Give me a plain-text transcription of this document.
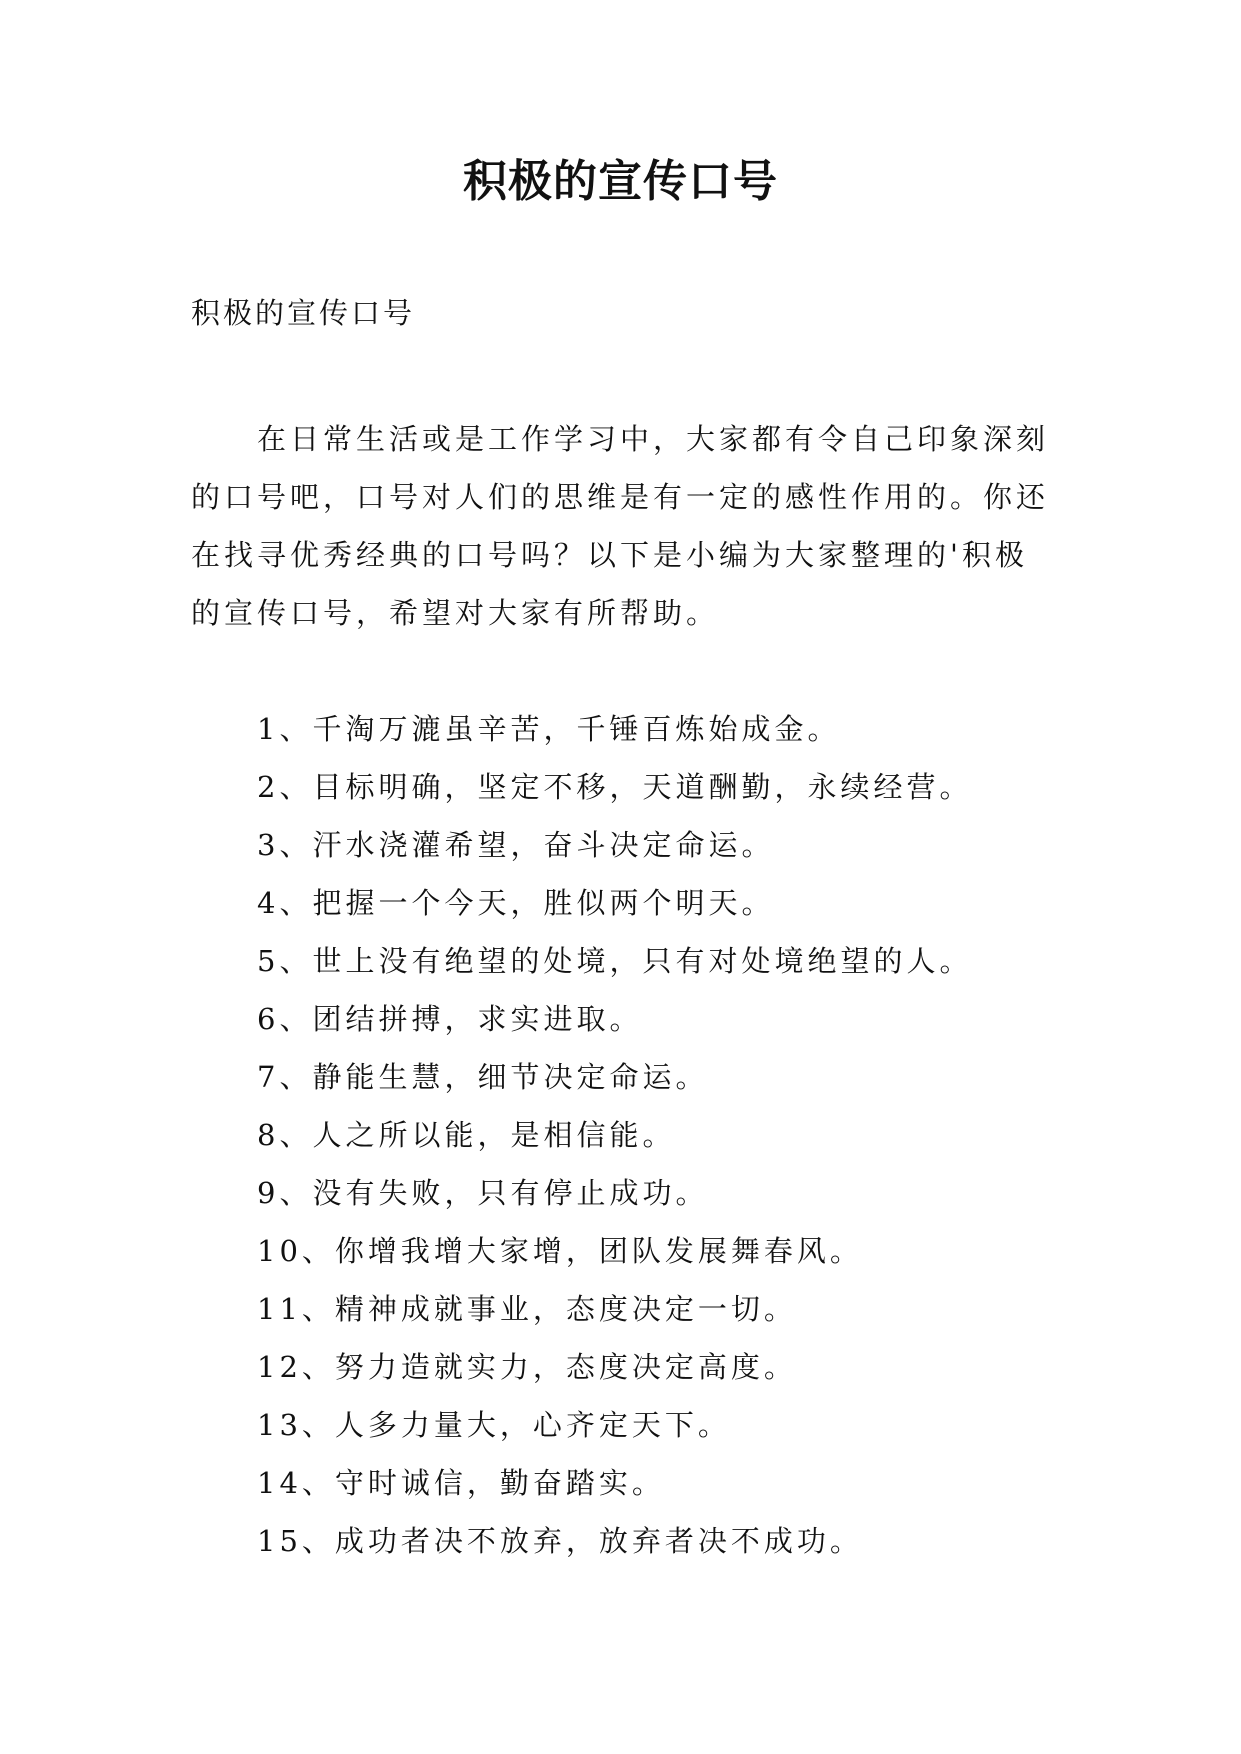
积极的宣传口号

积极的宣传口号

在日常生活或是工作学习中，大家都有令自己印象深刻的口号吧，口号对人们的思维是有一定的感性作用的。你还在找寻优秀经典的口号吗？以下是小编为大家整理的'积极的宣传口号，希望对大家有所帮助。

1、千淘万漉虽辛苦，千锤百炼始成金。
2、目标明确，坚定不移，天道酬勤，永续经营。
3、汗水浇灌希望，奋斗决定命运。
4、把握一个今天，胜似两个明天。
5、世上没有绝望的处境，只有对处境绝望的人。
6、团结拼搏，求实进取。
7、静能生慧，细节决定命运。
8、人之所以能，是相信能。
9、没有失败，只有停止成功。
10、你增我增大家增，团队发展舞春风。
11、精神成就事业，态度决定一切。
12、努力造就实力，态度决定高度。
13、人多力量大，心齐定天下。
14、守时诚信，勤奋踏实。
15、成功者决不放弃，放弃者决不成功。
